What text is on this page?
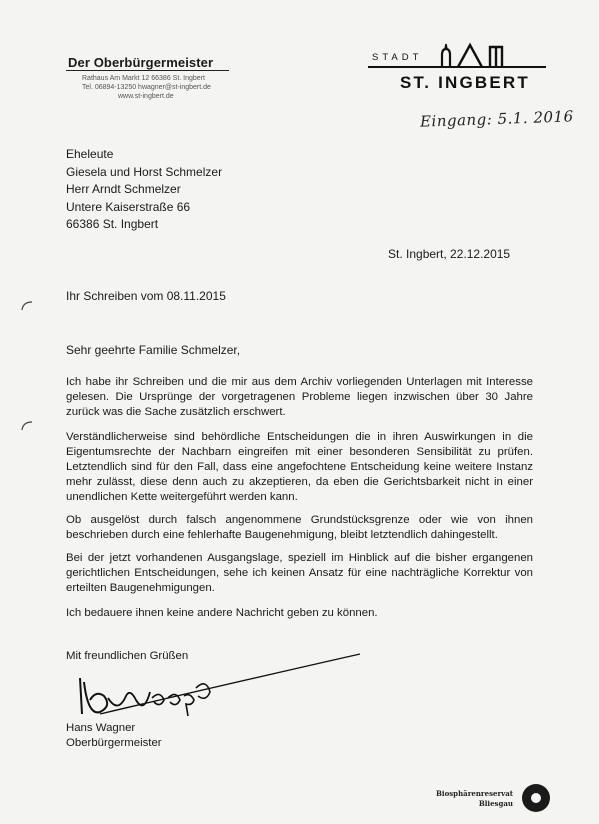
Der Oberbürgermeister
Rathaus Am Markt 12 66386 St. Ingbert
Tel. 06894-13250 hwagner@st-ingbert.de
www.st-ingbert.de
STADT
ST. INGBERT
Eingang: 5.1. 2016
Eheleute
Giesela und Horst Schmelzer
Herr Arndt Schmelzer
Untere Kaiserstraße 66
66386 St. Ingbert
St. Ingbert, 22.12.2015
Ihr Schreiben vom 08.11.2015
Sehr geehrte Familie Schmelzer,

Ich habe ihr Schreiben und die mir aus dem Archiv vorliegenden Unterlagen mit Interesse gelesen. Die Ursprünge der vorgetragenen Probleme liegen inzwischen über 30 Jahre zurück was die Sache zusätzlich erschwert.

Verständlicherweise sind behördliche Entscheidungen die in ihren Auswirkungen in die Eigentumsrechte der Nachbarn eingreifen mit einer besonderen Sensibilität zu prüfen. Letztendlich sind für den Fall, dass eine angefochtene Entscheidung keine weitere Instanz mehr zulässt, diese denn auch zu akzeptieren, da eben die Gerichtsbarkeit nicht in einer unendlichen Kette weitergeführt werden kann.

Ob ausgelöst durch falsch angenommene Grundstücksgrenze oder wie von ihnen beschrieben durch eine fehlerhafte Baugenehmigung, bleibt letztendlich dahingestellt.

Bei der jetzt vorhandenen Ausgangslage, speziell im Hinblick auf die bisher ergangenen gerichtlichen Entscheidungen, sehe ich keinen Ansatz für eine nachträgliche Korrektur von erteilten Baugenehmigungen.

Ich bedauere ihnen keine andere Nachricht geben zu können.

Mit freundlichen Grüßen
Hans Wagner
Oberbürgermeister
Biosphärenreservat
Bliesgau
